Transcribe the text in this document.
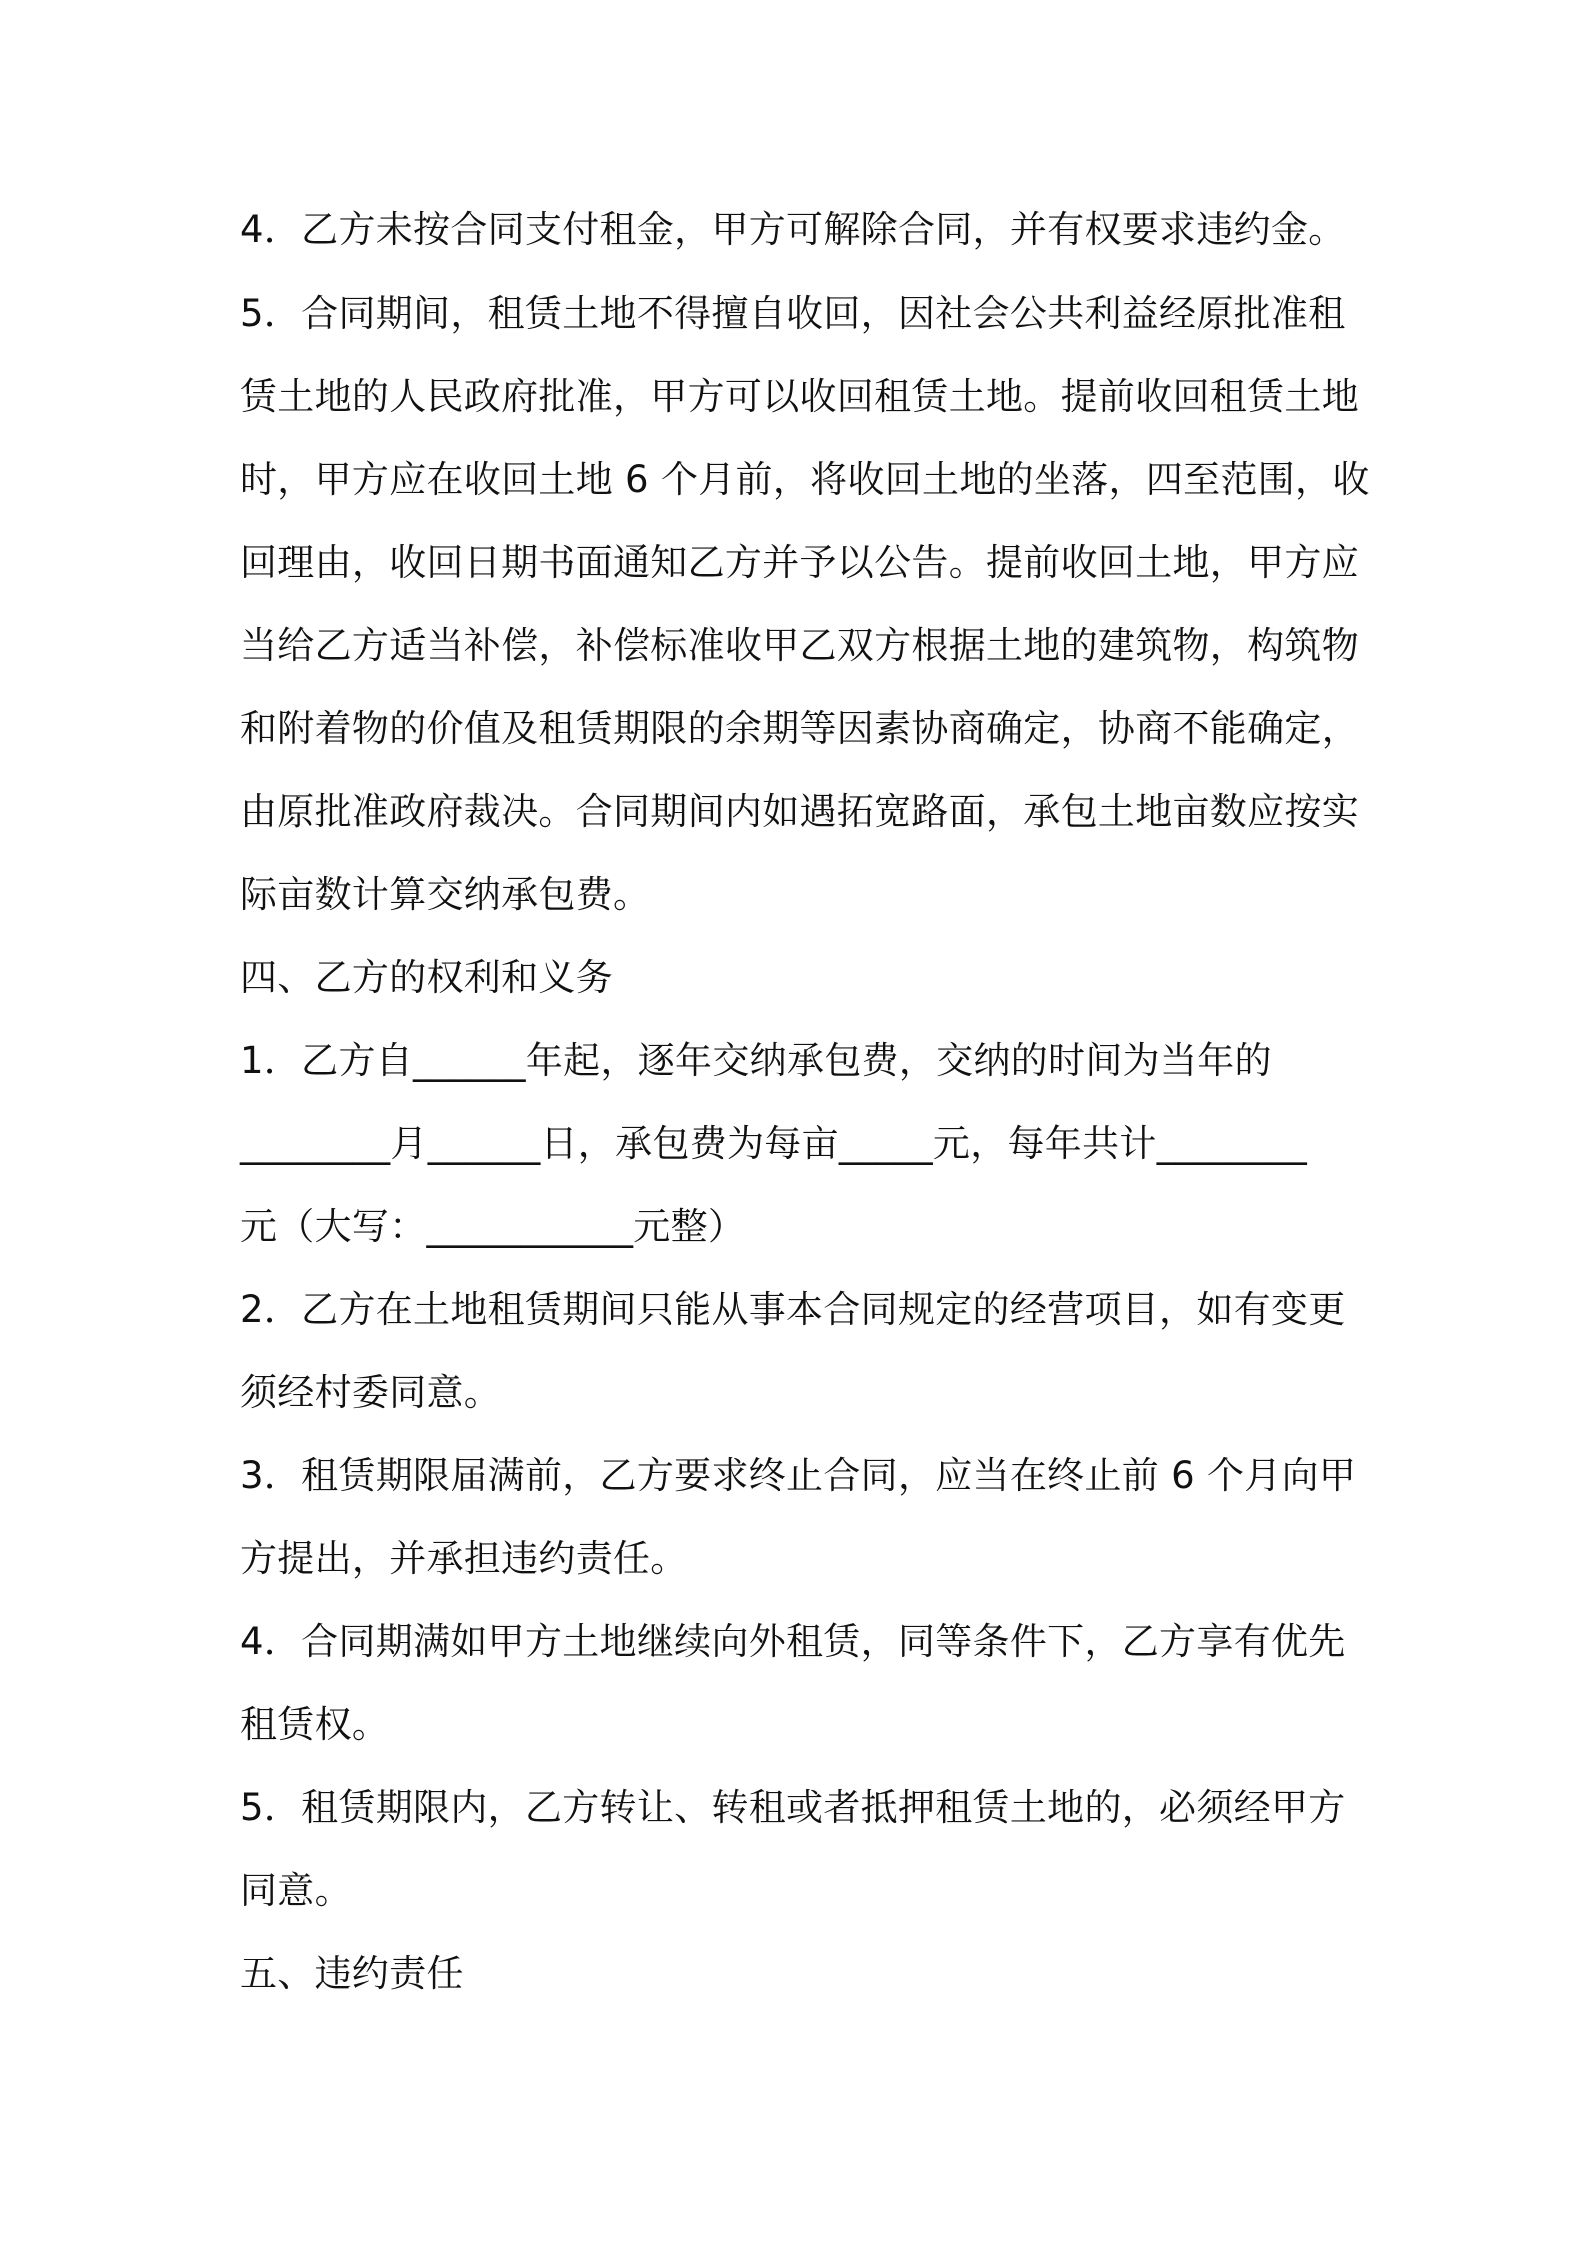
4．乙方未按合同支付租金，甲方可解除合同，并有权要求违约金。

5．合同期间，租赁土地不得擅自收回，因社会公共利益经原批准租

赁土地的人民政府批准，甲方可以收回租赁土地。提前收回租赁土地

时，甲方应在收回土地 6 个月前，将收回土地的坐落，四至范围，收

回理由，收回日期书面通知乙方并予以公告。提前收回土地，甲方应

当给乙方适当补偿，补偿标准收甲乙双方根据土地的建筑物，构筑物

和附着物的价值及租赁期限的余期等因素协商确定，协商不能确定，

由原批准政府裁决。合同期间内如遇拓宽路面，承包土地亩数应按实

际亩数计算交纳承包费。

四、乙方的权利和义务

1．乙方自______年起，逐年交纳承包费，交纳的时间为当年的

________月______日，承包费为每亩_____元，每年共计________

元（大写：___________元整）

2．乙方在土地租赁期间只能从事本合同规定的经营项目，如有变更

须经村委同意。

3．租赁期限届满前，乙方要求终止合同，应当在终止前 6 个月向甲

方提出，并承担违约责任。

4．合同期满如甲方土地继续向外租赁，同等条件下，乙方享有优先

租赁权。

5．租赁期限内，乙方转让、转租或者抵押租赁土地的，必须经甲方

同意。

五、违约责任
